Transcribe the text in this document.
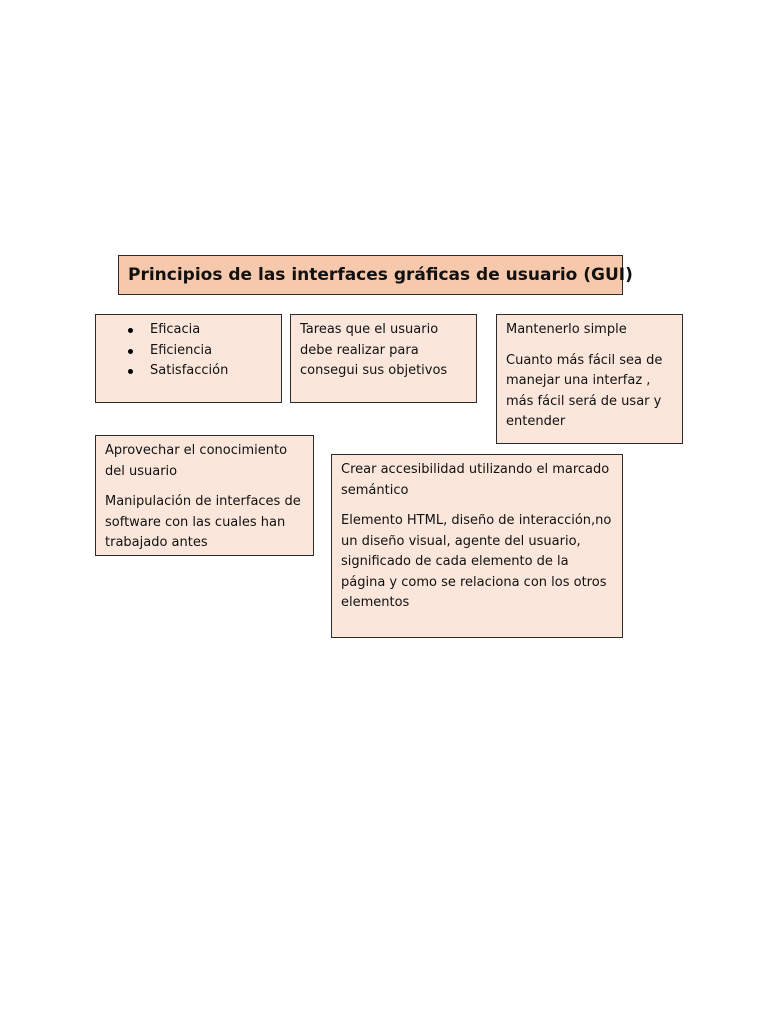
Principios de las interfaces gráficas de usuario (GUI)
Eficacia
Eficiencia
Satisfacción

Tareas que el usuario debe realizar para consegui sus objetivos

Mantenerlo simple

Cuanto más fácil sea de manejar una interfaz , más fácil será de usar y entender

Aprovechar el conocimiento del usuario

Manipulación de interfaces de software con las cuales han trabajado antes

Crear accesibilidad utilizando el marcado semántico

Elemento HTML, diseño de interacción,no un diseño visual, agente del usuario, significado de cada elemento de la página y como se relaciona con los otros elementos
